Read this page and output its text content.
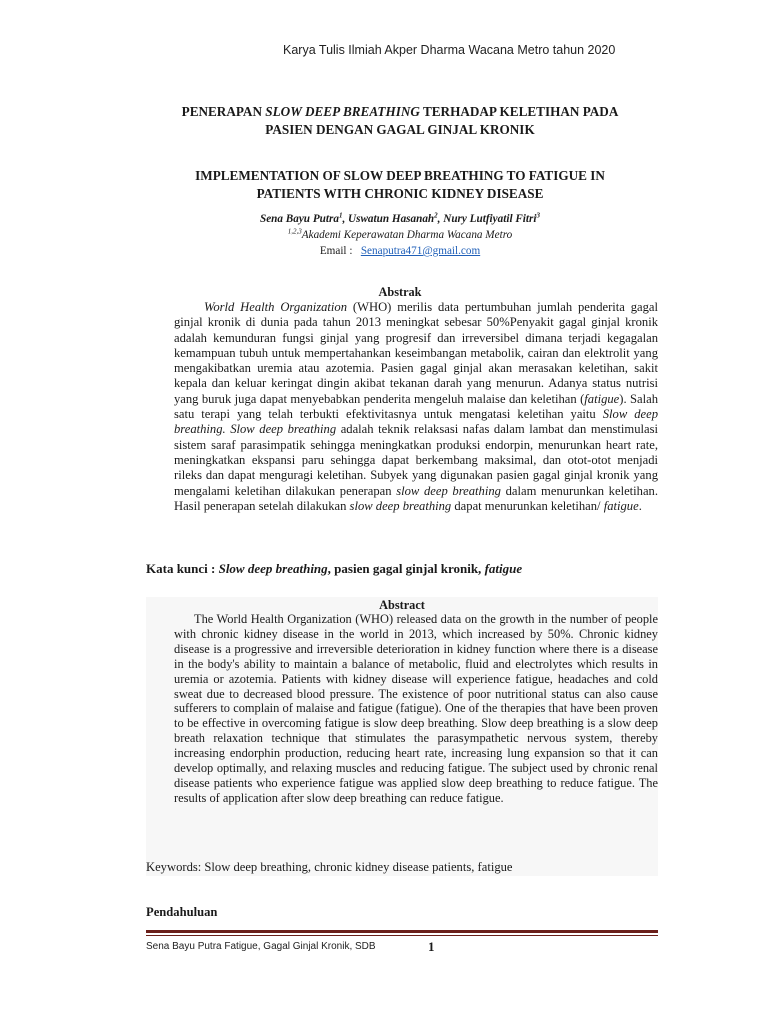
Karya Tulis Ilmiah Akper Dharma Wacana Metro tahun 2020
PENERAPAN SLOW DEEP BREATHING TERHADAP KELETIHAN PADA
PASIEN DENGAN GAGAL GINJAL KRONIK
IMPLEMENTATION OF SLOW DEEP BREATHING TO FATIGUE IN
PATIENTS WITH CHRONIC KIDNEY DISEASE
Sena Bayu Putra$^1$, Uswatun Hasanah$^2$, Nury Lutfiyatil Fitri$^3$
$^{1,2,3}$Akademi Keperawatan Dharma Wacana Metro
Email :   Senaputra471@gmail.com
Abstrak
World Health Organization (WHO) merilis data pertumbuhan jumlah penderita gagal ginjal kronik di dunia pada tahun 2013 meningkat sebesar 50%Penyakit gagal ginjal kronik adalah kemunduran fungsi ginjal yang progresif dan irreversibel dimana terjadi kegagalan kemampuan tubuh untuk mempertahankan keseimbangan metabolik, cairan dan elektrolit yang mengakibatkan uremia atau azotemia. Pasien gagal ginjal akan merasakan keletihan, sakit kepala dan keluar keringat dingin akibat tekanan darah yang menurun. Adanya status nutrisi yang buruk juga dapat menyebabkan penderita mengeluh malaise dan keletihan (fatigue). Salah satu terapi yang telah terbukti efektivitasnya untuk mengatasi keletihan yaitu Slow deep breathing. Slow deep breathing adalah teknik relaksasi nafas dalam lambat dan menstimulasi sistem saraf parasimpatik sehingga meningkatkan produksi endorpin, menurunkan heart rate, meningkatkan ekspansi paru sehingga dapat berkembang maksimal, dan otot-otot menjadi rileks dan dapat menguragi keletihan. Subyek yang digunakan pasien gagal ginjal kronik yang mengalami keletihan dilakukan penerapan slow deep breathing dalam menurunkan keletihan. Hasil penerapan setelah dilakukan slow deep breathing dapat menurunkan keletihan/ fatigue.
Kata kunci : Slow deep breathing, pasien gagal ginjal kronik, fatigue
Abstract
The World Health Organization (WHO) released data on the growth in the number of people with chronic kidney disease in the world in 2013, which increased by 50%. Chronic kidney disease is a progressive and irreversible deterioration in kidney function where there is a disease in the body's ability to maintain a balance of metabolic, fluid and electrolytes which results in uremia or azotemia. Patients with kidney disease will experience fatigue, headaches and cold sweat due to decreased blood pressure. The existence of poor nutritional status can also cause sufferers to complain of malaise and fatigue (fatigue). One of the therapies that have been proven to be effective in overcoming fatigue is slow deep breathing. Slow deep breathing is a slow deep breath relaxation technique that stimulates the parasympathetic nervous system, thereby increasing endorphin production, reducing heart rate, increasing lung expansion so that it can develop optimally, and relaxing muscles and reducing fatigue. The subject used by chronic renal disease patients who experience fatigue was applied slow deep breathing to reduce fatigue. The results of application after slow deep breathing can reduce fatigue.
Keywords: Slow deep breathing, chronic kidney disease patients, fatigue
Pendahuluan
Sena Bayu Putra Fatigue, Gagal Ginjal Kronik, SDB	1
